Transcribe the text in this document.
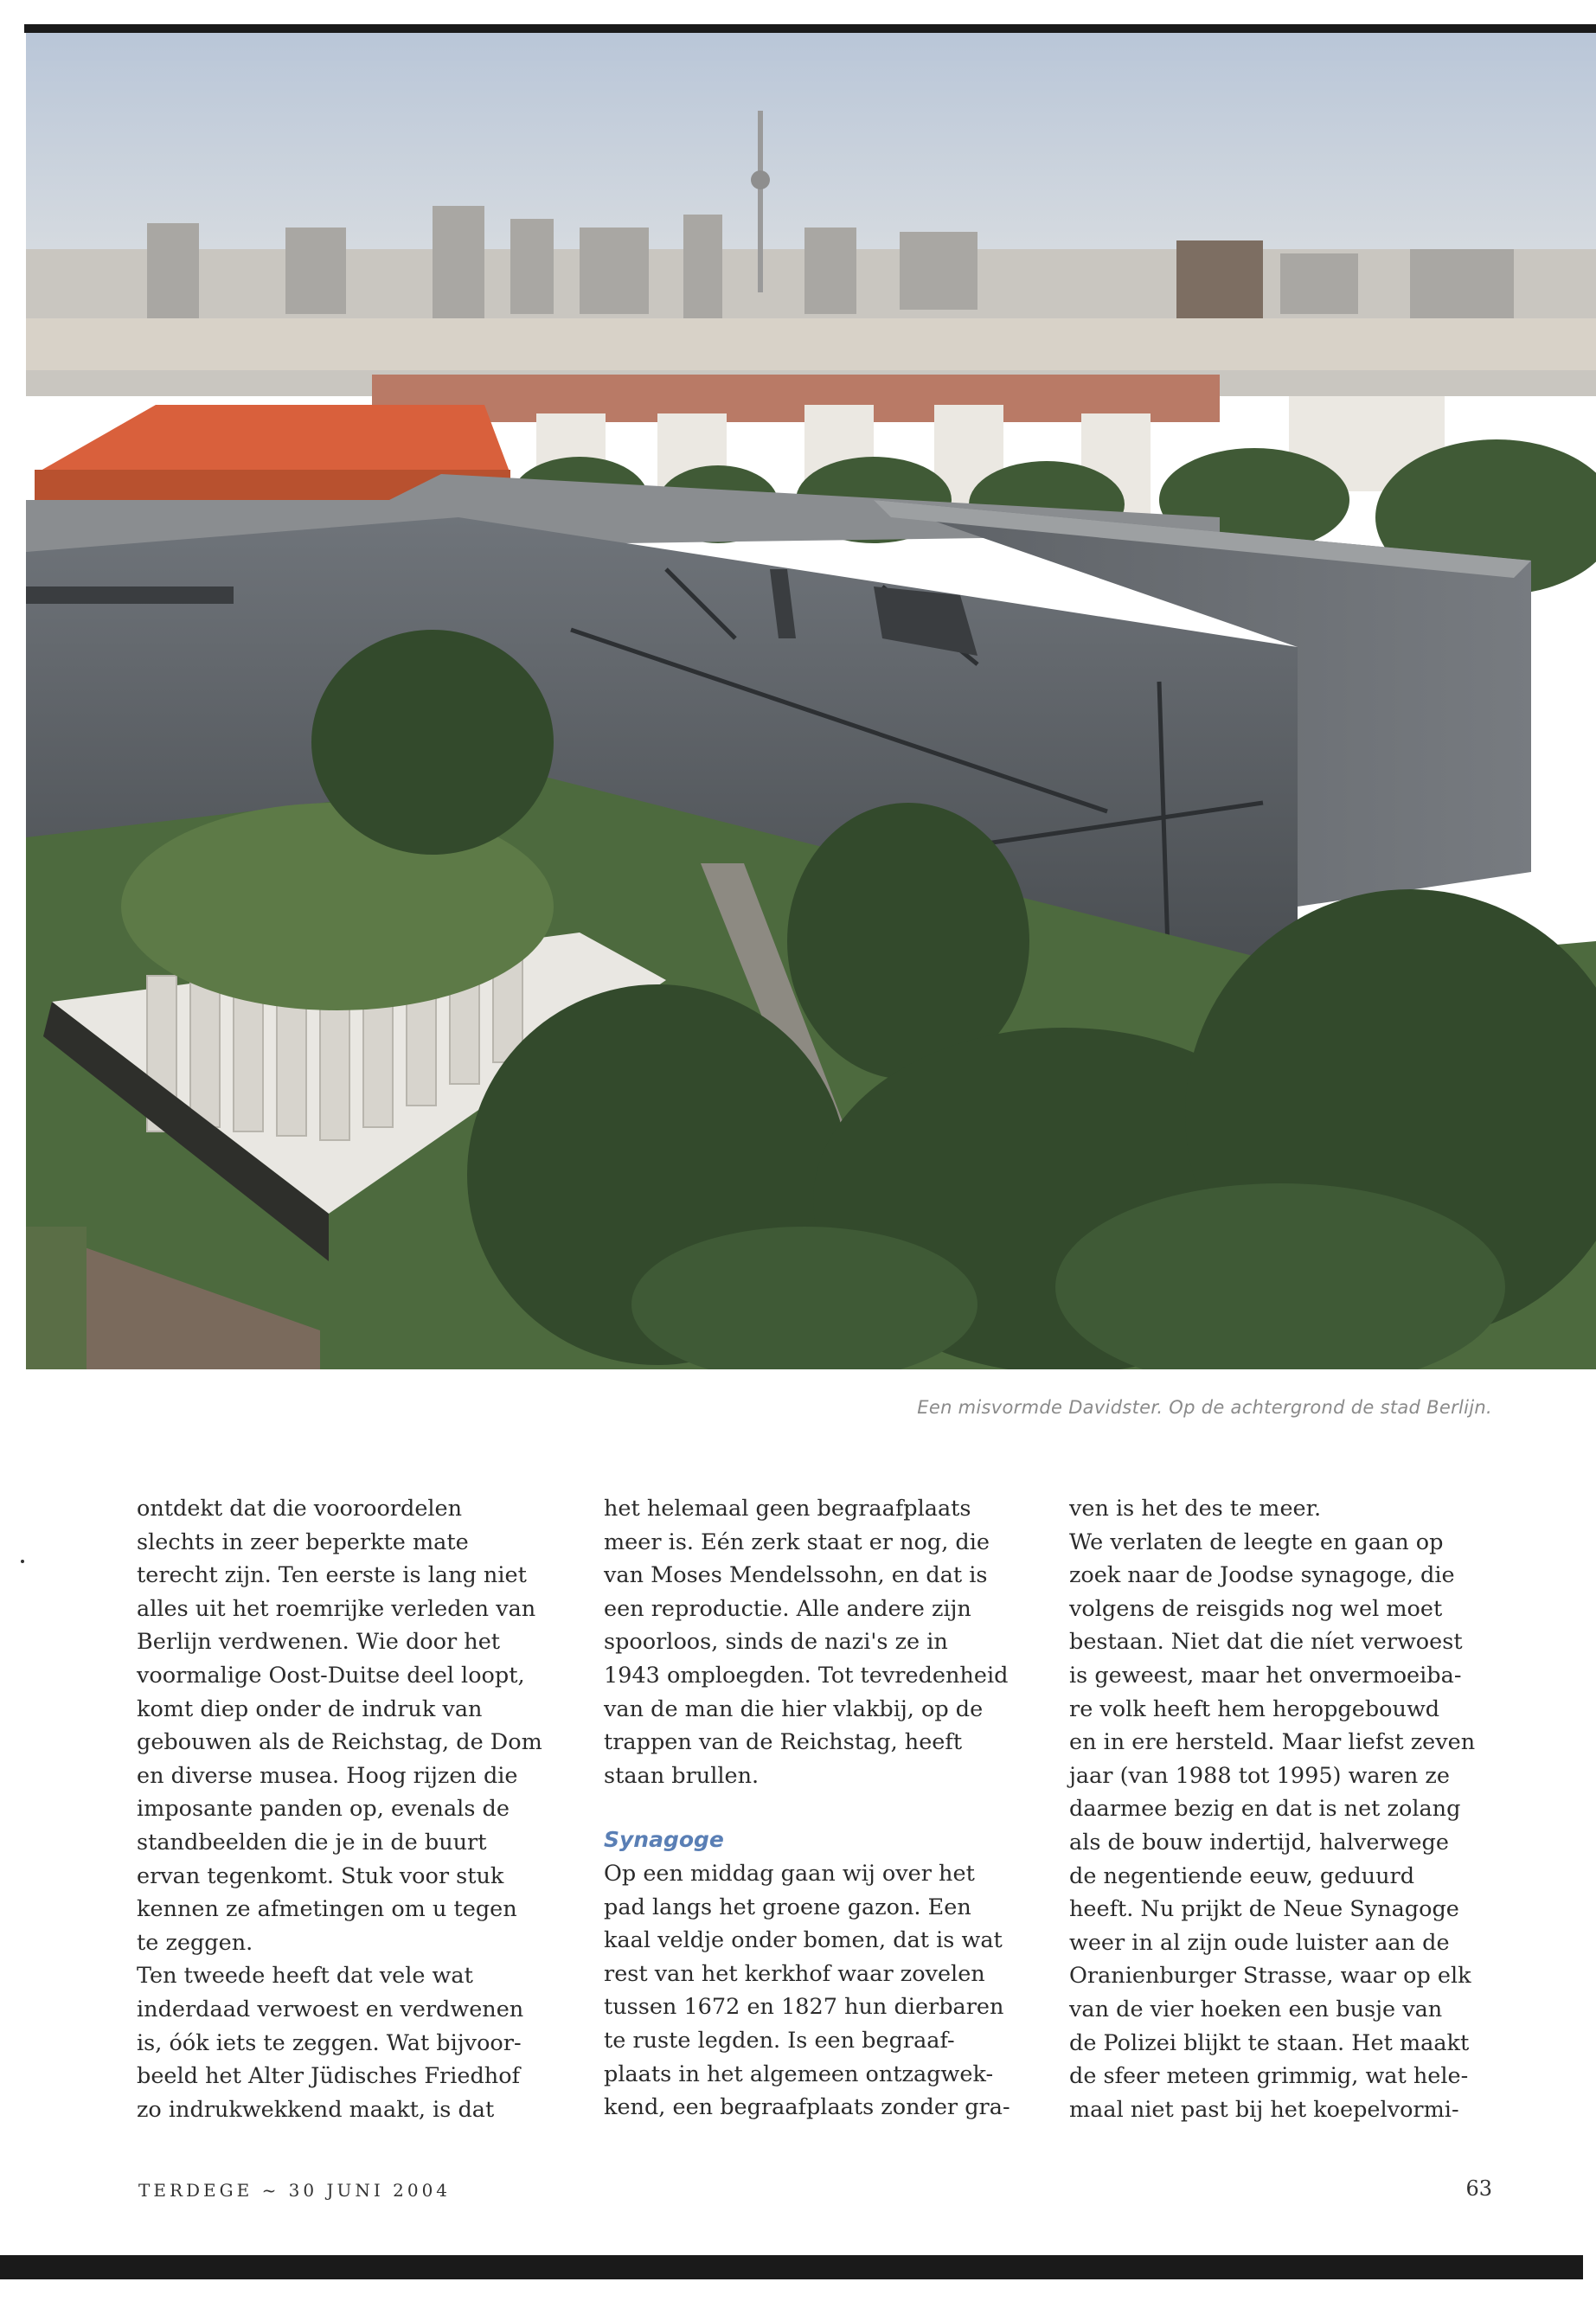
Een misvormde Davidster. Op de achtergrond de stad Berlijn.

ontdekt dat die vooroordelen

slechts in zeer beperkte mate

terecht zijn. Ten eerste is lang niet

alles uit het roemrijke verleden van

Berlijn verdwenen. Wie door het

voormalige Oost-Duitse deel loopt,

komt diep onder de indruk van

gebouwen als de Reichstag, de Dom

en diverse musea. Hoog rijzen die

imposante panden op, evenals de

standbeelden die je in de buurt

ervan tegenkomt. Stuk voor stuk

kennen ze afmetingen om u tegen

te zeggen.

Ten tweede heeft dat vele wat

inderdaad verwoest en verdwenen

is, óók iets te zeggen. Wat bijvoor-

beeld het Alter Jüdisches Friedhof

zo indrukwekkend maakt, is dat

het helemaal geen begraafplaats

meer is. Eén zerk staat er nog, die

van Moses Mendelssohn, en dat is

een reproductie. Alle andere zijn

spoorloos, sinds de nazi's ze in

1943 omploegden. Tot tevredenheid

van de man die hier vlakbij, op de

trappen van de Reichstag, heeft

staan brullen.

Synagoge

Op een middag gaan wij over het

pad langs het groene gazon. Een

kaal veldje onder bomen, dat is wat

rest van het kerkhof waar zovelen

tussen 1672 en 1827 hun dierbaren

te ruste legden. Is een begraaf-

plaats in het algemeen ontzagwek-

kend, een begraafplaats zonder gra-

ven is het des te meer.

We verlaten de leegte en gaan op

zoek naar de Joodse synagoge, die

volgens de reisgids nog wel moet

bestaan. Niet dat die níet verwoest

is geweest, maar het onvermoeiba-

re volk heeft hem heropgebouwd

en in ere hersteld. Maar liefst zeven

jaar (van 1988 tot 1995) waren ze

daarmee bezig en dat is net zolang

als de bouw indertijd, halverwege

de negentiende eeuw, geduurd

heeft. Nu prijkt de Neue Synagoge

weer in al zijn oude luister aan de

Oranienburger Strasse, waar op elk

van de vier hoeken een busje van

de Polizei blijkt te staan. Het maakt

de sfeer meteen grimmig, wat hele-

maal niet past bij het koepelvormi-

TERDEGE ~ 30 JUNI 2004	63
